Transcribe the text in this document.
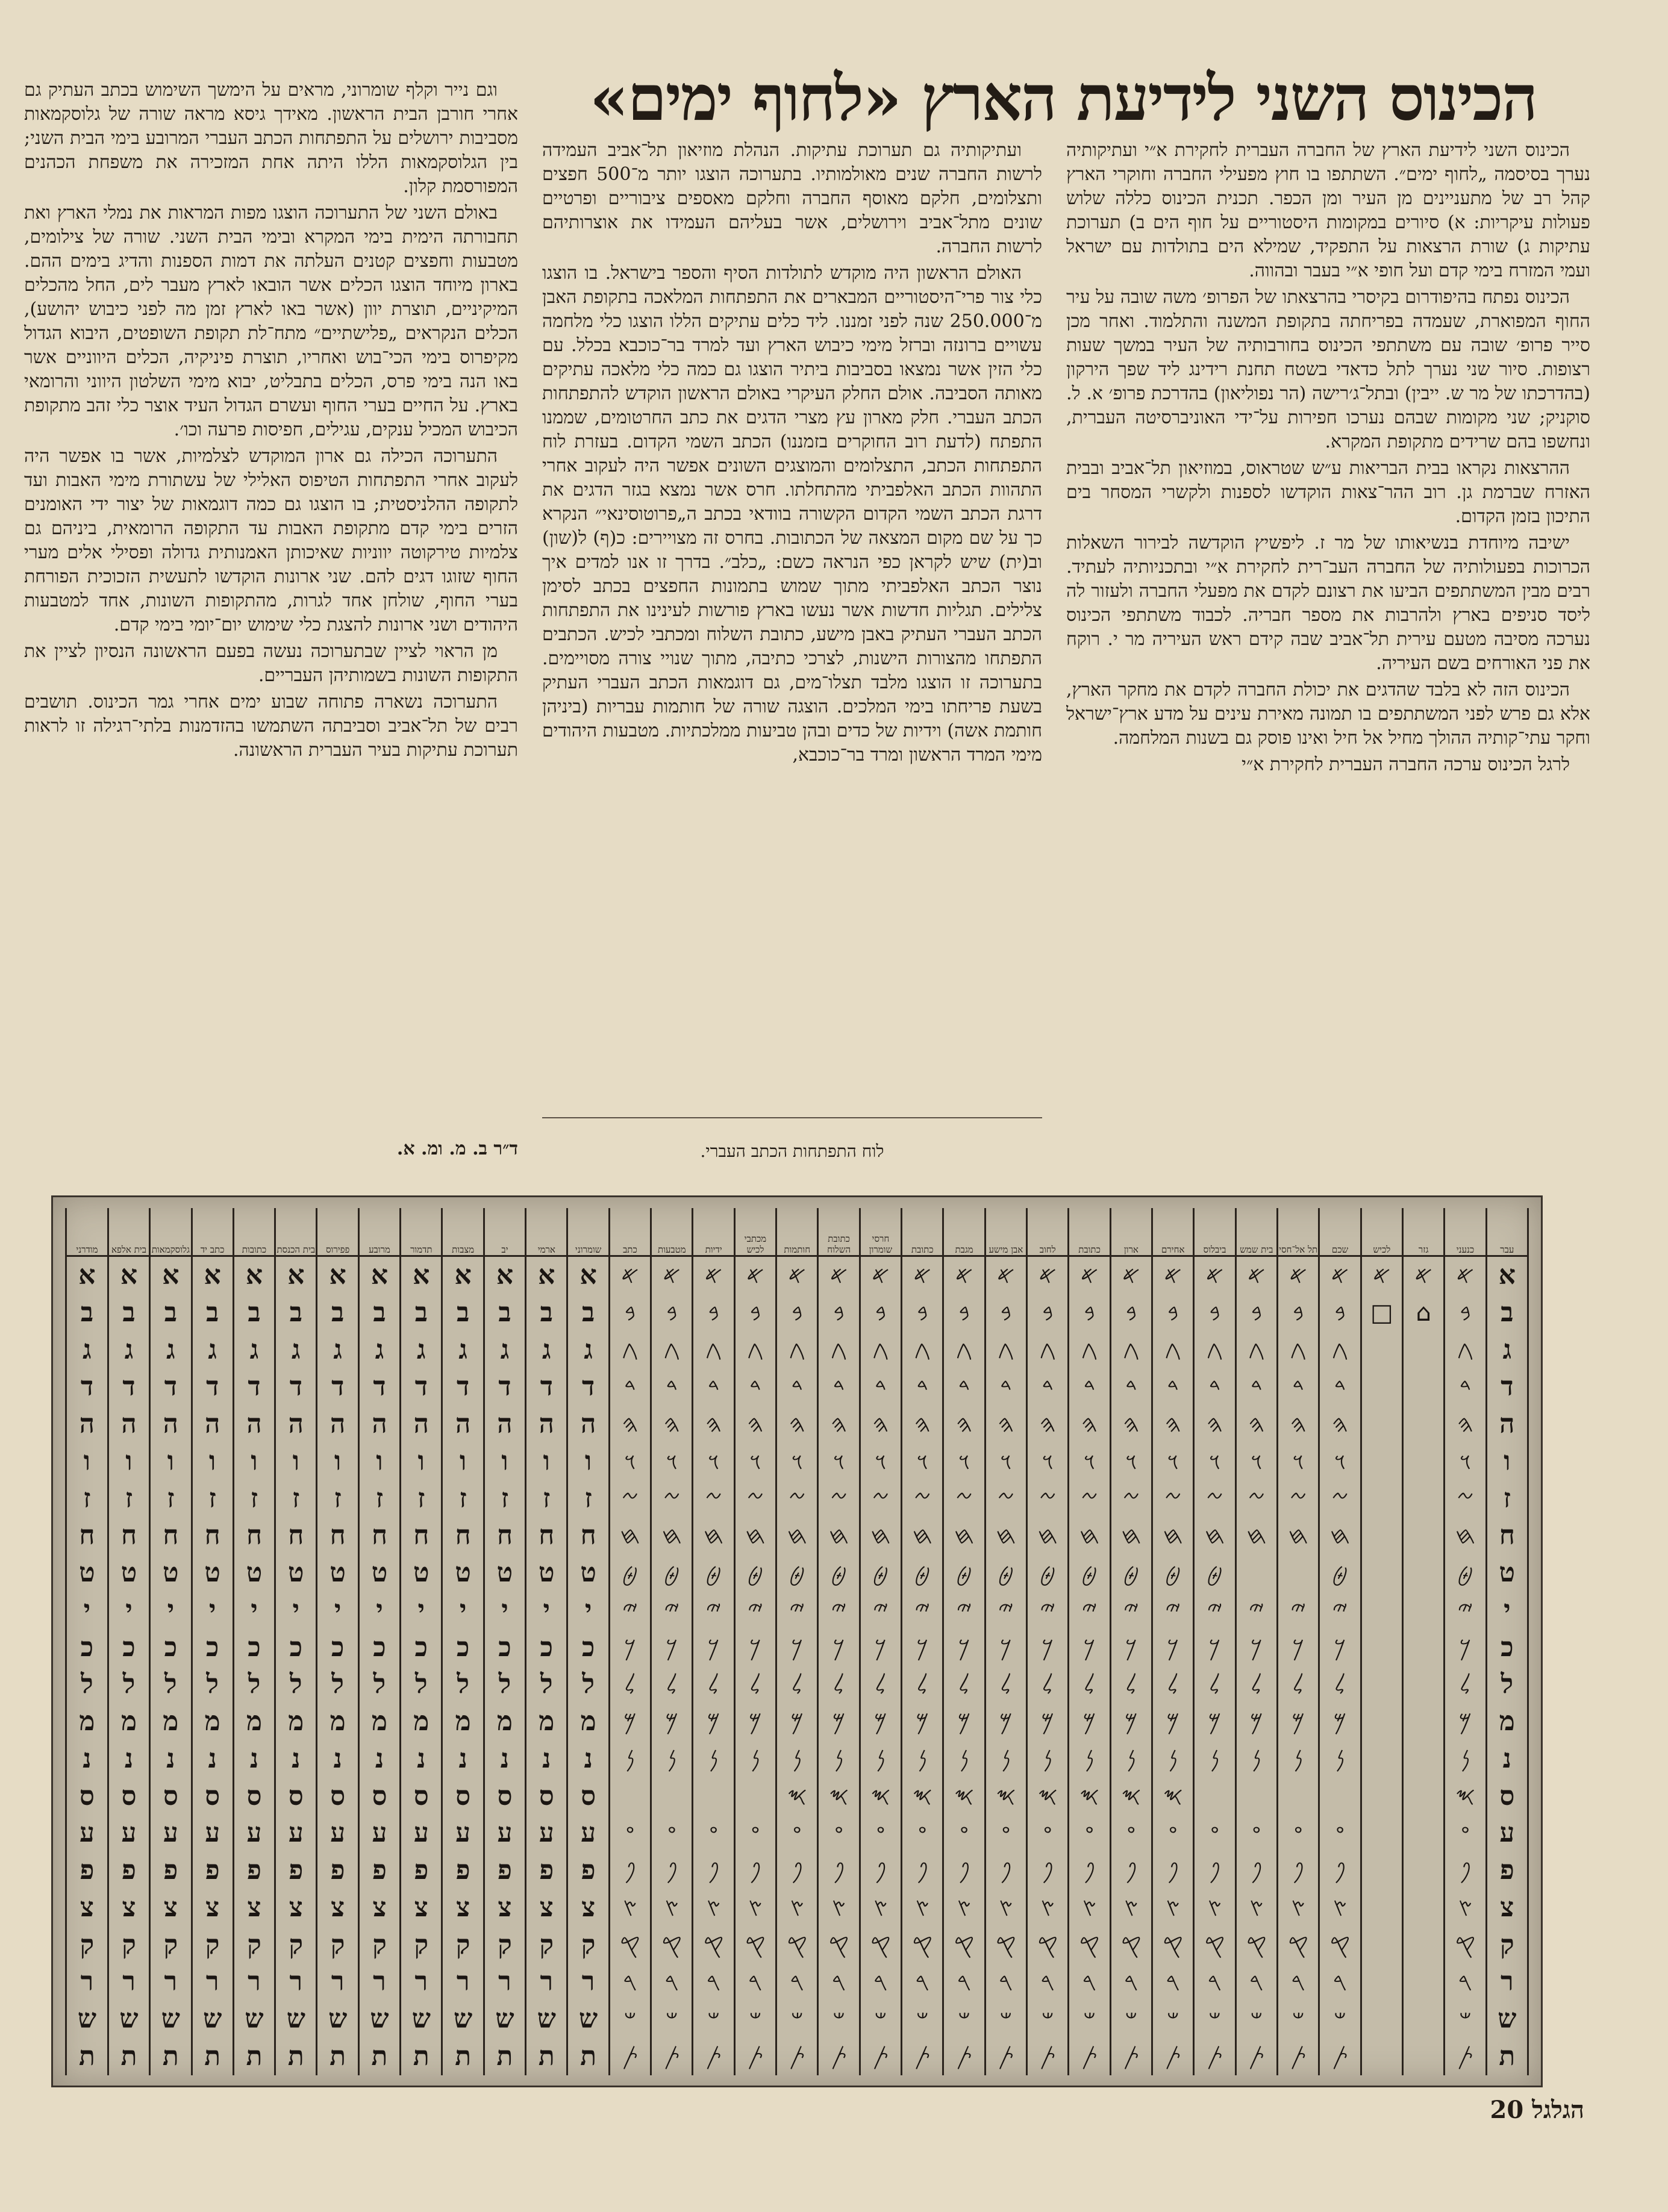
הכינוס השני לידיעת הארץ «לחוף ימים»

הכינוס השני לידיעת הארץ של החברה העברית לחקירת א״י ועתיקותיה נערך בסיסמה „לחוף ימים״. השתתפו בו חוץ מפעילי החברה וחוקרי הארץ קהל רב של מתעניינים מן העיר ומן הכפר. תכנית הכינוס כללה שלוש פעולות עיקריות: א) סיורים במקומות היסטוריים על חוף הים ב) תערוכת עתיקות ג) שורת הרצאות על התפקיד, שמילא הים בתולדות עם ישראל ועמי המזרח בימי קדם ועל חופי א״י בעבר ובהווה.

הכינוס נפתח בהיפודרום בקיסרי בהרצאתו של הפרופ׳ משה שובה על עיר החוף המפוארת, שעמדה בפריחתה בתקופת המשנה והתלמוד. ואחר מכן סייר פרופ׳ שובה עם משתתפי הכינוס בחורבותיה של העיר במשך שעות רצופות. סיור שני נערך לתל כדאדי בשטח תחנת רידינג ליד שפך הירקון (בהדרכתו של מר ש. ייבין) ובתל־ג׳רישה (הר נפוליאון) בהדרכת פרופ׳ א. ל. סוקניק; שני מקומות שבהם נערכו חפירות על־ידי האוניברסיטה העברית, ונחשפו בהם שרידים מתקופת המקרא.

ההרצאות נקראו בבית הבריאות ע״ש שטראוס, במוזיאון תל־אביב ובבית האזרח שברמת גן. רוב ההר־צאות הוקדשו לספנות ולקשרי המסחר בים התיכון בזמן הקדום.

ישיבה מיוחדת בנשיאותו של מר ז. ליפשיץ הוקדשה לבירור השאלות הכרוכות בפעולותיה של החברה העב־רית לחקירת א״י ובתכניותיה לעתיד. רבים מבין המשתתפים הביעו את רצונם לקדם את מפעלי החברה ולעזור לה ליסד סניפים בארץ ולהרבות את מספר חבריה. לכבוד משתתפי הכינוס נערכה מסיבה מטעם עירית תל־אביב שבה קידם ראש העיריה מר י. רוקח את פני האורחים בשם העיריה.

הכינוס הזה לא בלבד שהדגים את יכולת החברה לקדם את מחקר הארץ, אלא גם פרש לפני המשתתפים בו תמונה מאירת עינים על מדע ארץ־ישראל וחקר עתי־קותיה ההולך מחיל אל חיל ואינו פוסק גם בשנות המלחמה.

לרגל הכינוס ערכה החברה העברית לחקירת א״י

ועתיקותיה גם תערוכת עתיקות. הנהלת מוזיאון תל־אביב העמידה לרשות החברה שנים מאולמותיו. בתערוכה הוצגו יותר מ־500 חפצים ותצלומים, חלקם מאוסף החברה וחלקם מאספים ציבוריים ופרטיים שונים מתל־אביב וירושלים, אשר בעליהם העמידו את אוצרותיהם לרשות החברה.

האולם הראשון היה מוקדש לתולדות הסיף והספר בישראל. בו הוצגו כלי צור פרי־היסטוריים המבארים את התפתחות המלאכה בתקופת האבן מ־250.000 שנה לפני זמננו. ליד כלים עתיקים הללו הוצגו כלי מלחמה עשויים ברונזה וברזל מימי כיבוש הארץ ועד למרד בר־כוכבא בכלל. עם כלי הזין אשר נמצאו בסביבות ביתיר הוצגו גם כמה כלי מלאכה עתיקים מאותה הסביבה. אולם החלק העיקרי באולם הראשון הוקדש להתפתחות הכתב העברי. חלק מארון עץ מצרי הדגים את כתב החרטומים, שממנו התפתח (לדעת רוב החוקרים בזמננו) הכתב השמי הקדום. בעזרת לוח התפתחות הכתב, התצלומים והמוצגים השונים אפשר היה לעקוב אחרי התהוות הכתב האלפביתי מהתחלתו. חרס אשר נמצא בגזר הדגים את דרגת הכתב השמי הקדום הקשורה בוודאי בכתב ה„פרוטוסינאי״ הנקרא כך על שם מקום המצאה של הכתובות. בחרס זה מצויירים: כ(ף) ל(שון) וב(ית) שיש לקראן כפי הנראה כשם: „כלב״. בדרך זו אנו למדים איך נוצר הכתב האלפביתי מתוך שמוש בתמונות החפצים בכתב לסימן צלילים. תגליות חדשות אשר נעשו בארץ פורשות לעינינו את התפתחות הכתב העברי העתיק באבן מישע, כתובת השלוח ומכתבי לכיש. הכתבים התפתחו מהצורות הישנות, לצרכי כתיבה, מתוך שנויי צורה מסויימים. בתערוכה זו הוצגו מלבד תצלו־מים, גם דוגמאות הכתב העברי העתיק בשעת פריחתו בימי המלכים. הוצגה שורה של חותמות עבריות (ביניהן חותמת אשה) וידיות של כדים ובהן טביעות ממלכתיות. מטבעות היהודים מימי המרד הראשון ומרד בר־כוכבא,

לוח התפתחות הכתב העברי.

וגם נייר וקלף שומרוני, מראים על הימשך השימוש בכתב העתיק גם אחרי חורבן הבית הראשון. מאידך גיסא מראה שורה של גלוסקמאות מסביבות ירושלים על התפתחות הכתב העברי המרובע בימי הבית השני; בין הגלוסקמאות הללו היתה אחת המזכירה את משפחת הכהנים המפורסמת קלון.

באולם השני של התערוכה הוצגו מפות המראות את נמלי הארץ ואת תחבורתה הימית בימי המקרא ובימי הבית השני. שורה של צילומים, מטבעות וחפצים קטנים העלתה את דמות הספנות והדיג בימים ההם. בארון מיוחד הוצגו הכלים אשר הובאו לארץ מעבר לים, החל מהכלים המיקיניים, תוצרת יוון (אשר באו לארץ זמן מה לפני כיבוש יהושע), הכלים הנקראים „פלישתיים״ מתח־לת תקופת השופטים, היבוא הגדול מקיפרוס בימי הכי־בוש ואחריו, תוצרת פיניקיה, הכלים היווניים אשר באו הנה בימי פרס, הכלים בתבליט, יבוא מימי השלטון היווני והרומאי בארץ. על החיים בערי החוף ועשרם הגדול העיד אוצר כלי זהב מתקופת הכיבוש המכיל ענקים, עגילים, חפיסות פרעה וכו׳.

התערוכה הכילה גם ארון המוקדש לצלמיות, אשר בו אפשר היה לעקוב אחרי התפתחות הטיפוס האלילי של עשתורת מימי האבות ועד לתקופה ההלניסטית; בו הוצגו גם כמה דוגמאות של יצור ידי האומנים הזרים בימי קדם מתקופת האבות עד התקופה הרומאית, ביניהם גם צלמיות טירקוטה יווניות שאיכותן האמנותית גדולה ופסילי אלים מערי החוף שזוגו דגים להם. שני ארונות הוקדשו לתעשית הזכוכית הפורחת בערי החוף, שולחן אחד לגרות, מהתקופות השונות, אחד למטבעות היהודים ושני ארונות להצגת כלי שימוש יום־יומי בימי קדם.

מן הראוי לציין שבתערוכה נעשה בפעם הראשונה הנסיון לציין את התקופות השונות בשמותיהן העבריים.

התערוכה נשארה פתוחה שבוע ימים אחרי גמר הכינוס. תושבים רבים של תל־אביב וסביבתה השתמשו בהזדמנות בלתי־רגילה זו לראות תערוכת עתיקות בעיר העברית הראשונה.

ד״ר ב. מ. ומ. א.
עבר	כנעני	גזר	לכיש	שכם	תל אל־חסי	בית שמש	ביבלוס	אחירם	ארון	כתובת	לחוב	אבן מישע	מגבת	כתובת	חרסי שומרון	כתובת השלוח	חותמות	מכתבי לכיש	ידיות	מטבעות	כתב	שומרוני	ארמי	יב	מצבות	תדמור	מרובע	פפירוס	בית הכנסת	כתובות	כתב יד	גלוסקמאות	בית אלפא	מודרני
א	𐤀	𐤀	𐤀	𐤀	𐤀	𐤀	𐤀	𐤀	𐤀	𐤀	𐤀	𐤀	𐤀	𐤀	𐤀	𐤀	𐤀	𐤀	𐤀	𐤀	𐤀	א	א	א	א	א	א	א	א	א	א	א	א	א
ב	𐤁	⌂	□	𐤁	𐤁	𐤁	𐤁	𐤁	𐤁	𐤁	𐤁	𐤁	𐤁	𐤁	𐤁	𐤁	𐤁	𐤁	𐤁	𐤁	𐤁	ב	ב	ב	ב	ב	ב	ב	ב	ב	ב	ב	ב	ב
ג	𐤂			𐤂	𐤂	𐤂	𐤂	𐤂	𐤂	𐤂	𐤂	𐤂	𐤂	𐤂	𐤂	𐤂	𐤂	𐤂	𐤂	𐤂	𐤂	ג	ג	ג	ג	ג	ג	ג	ג	ג	ג	ג	ג	ג
ד	𐤃			𐤃	𐤃	𐤃	𐤃	𐤃	𐤃	𐤃	𐤃	𐤃	𐤃	𐤃	𐤃	𐤃	𐤃	𐤃	𐤃	𐤃	𐤃	ד	ד	ד	ד	ד	ד	ד	ד	ד	ד	ד	ד	ד
ה	𐤄			𐤄	𐤄	𐤄	𐤄	𐤄	𐤄	𐤄	𐤄	𐤄	𐤄	𐤄	𐤄	𐤄	𐤄	𐤄	𐤄	𐤄	𐤄	ה	ה	ה	ה	ה	ה	ה	ה	ה	ה	ה	ה	ה
ו	𐤅			𐤅	𐤅	𐤅	𐤅	𐤅	𐤅	𐤅	𐤅	𐤅	𐤅	𐤅	𐤅	𐤅	𐤅	𐤅	𐤅	𐤅	𐤅	ו	ו	ו	ו	ו	ו	ו	ו	ו	ו	ו	ו	ו
ז	𐤆			𐤆	𐤆	𐤆	𐤆	𐤆	𐤆	𐤆	𐤆	𐤆	𐤆	𐤆	𐤆	𐤆	𐤆	𐤆	𐤆	𐤆	𐤆	ז	ז	ז	ז	ז	ז	ז	ז	ז	ז	ז	ז	ז
ח	𐤇			𐤇	𐤇	𐤇	𐤇	𐤇	𐤇	𐤇	𐤇	𐤇	𐤇	𐤇	𐤇	𐤇	𐤇	𐤇	𐤇	𐤇	𐤇	ח	ח	ח	ח	ח	ח	ח	ח	ח	ח	ח	ח	ח
ט	𐤈			𐤈			𐤈	𐤈	𐤈	𐤈	𐤈	𐤈	𐤈	𐤈	𐤈	𐤈	𐤈	𐤈	𐤈	𐤈	𐤈	ט	ט	ט	ט	ט	ט	ט	ט	ט	ט	ט	ט	ט
י	𐤉			𐤉	𐤉	𐤉	𐤉	𐤉	𐤉	𐤉	𐤉	𐤉	𐤉	𐤉	𐤉	𐤉	𐤉	𐤉	𐤉	𐤉	𐤉	י	י	י	י	י	י	י	י	י	י	י	י	י
כ	𐤊			𐤊	𐤊	𐤊	𐤊	𐤊	𐤊	𐤊	𐤊	𐤊	𐤊	𐤊	𐤊	𐤊	𐤊	𐤊	𐤊	𐤊	𐤊	כ	כ	כ	כ	כ	כ	כ	כ	כ	כ	כ	כ	כ
ל	𐤋			𐤋	𐤋	𐤋	𐤋	𐤋	𐤋	𐤋	𐤋	𐤋	𐤋	𐤋	𐤋	𐤋	𐤋	𐤋	𐤋	𐤋	𐤋	ל	ל	ל	ל	ל	ל	ל	ל	ל	ל	ל	ל	ל
מ	𐤌			𐤌	𐤌	𐤌	𐤌	𐤌	𐤌	𐤌	𐤌	𐤌	𐤌	𐤌	𐤌	𐤌	𐤌	𐤌	𐤌	𐤌	𐤌	מ	מ	מ	מ	מ	מ	מ	מ	מ	מ	מ	מ	מ
נ	𐤍			𐤍	𐤍	𐤍	𐤍	𐤍	𐤍	𐤍	𐤍	𐤍	𐤍	𐤍	𐤍	𐤍	𐤍	𐤍	𐤍	𐤍	𐤍	נ	נ	נ	נ	נ	נ	נ	נ	נ	נ	נ	נ	נ
ס	𐤎							𐤎	𐤎	𐤎	𐤎	𐤎	𐤎	𐤎	𐤎	𐤎	𐤎					ס	ס	ס	ס	ס	ס	ס	ס	ס	ס	ס	ס	ס
ע	𐤏			𐤏	𐤏	𐤏	𐤏	𐤏	𐤏	𐤏	𐤏	𐤏	𐤏	𐤏	𐤏	𐤏	𐤏	𐤏	𐤏	𐤏	𐤏	ע	ע	ע	ע	ע	ע	ע	ע	ע	ע	ע	ע	ע
פ	𐤐			𐤐	𐤐	𐤐	𐤐	𐤐	𐤐	𐤐	𐤐	𐤐	𐤐	𐤐	𐤐	𐤐	𐤐	𐤐	𐤐	𐤐	𐤐	פ	פ	פ	פ	פ	פ	פ	פ	פ	פ	פ	פ	פ
צ	𐤑			𐤑	𐤑	𐤑	𐤑	𐤑	𐤑	𐤑	𐤑	𐤑	𐤑	𐤑	𐤑	𐤑	𐤑	𐤑	𐤑	𐤑	𐤑	צ	צ	צ	צ	צ	צ	צ	צ	צ	צ	צ	צ	צ
ק	𐤒			𐤒	𐤒	𐤒	𐤒	𐤒	𐤒	𐤒	𐤒	𐤒	𐤒	𐤒	𐤒	𐤒	𐤒	𐤒	𐤒	𐤒	𐤒	ק	ק	ק	ק	ק	ק	ק	ק	ק	ק	ק	ק	ק
ר	𐤓			𐤓	𐤓	𐤓	𐤓	𐤓	𐤓	𐤓	𐤓	𐤓	𐤓	𐤓	𐤓	𐤓	𐤓	𐤓	𐤓	𐤓	𐤓	ר	ר	ר	ר	ר	ר	ר	ר	ר	ר	ר	ר	ר
ש	𐤔			𐤔	𐤔	𐤔	𐤔	𐤔	𐤔	𐤔	𐤔	𐤔	𐤔	𐤔	𐤔	𐤔	𐤔	𐤔	𐤔	𐤔	𐤔	ש	ש	ש	ש	ש	ש	ש	ש	ש	ש	ש	ש	ש
ת	𐤕			𐤕	𐤕	𐤕	𐤕	𐤕	𐤕	𐤕	𐤕	𐤕	𐤕	𐤕	𐤕	𐤕	𐤕	𐤕	𐤕	𐤕	𐤕	ת	ת	ת	ת	ת	ת	ת	ת	ת	ת	ת	ת	ת
הגלגל 20
